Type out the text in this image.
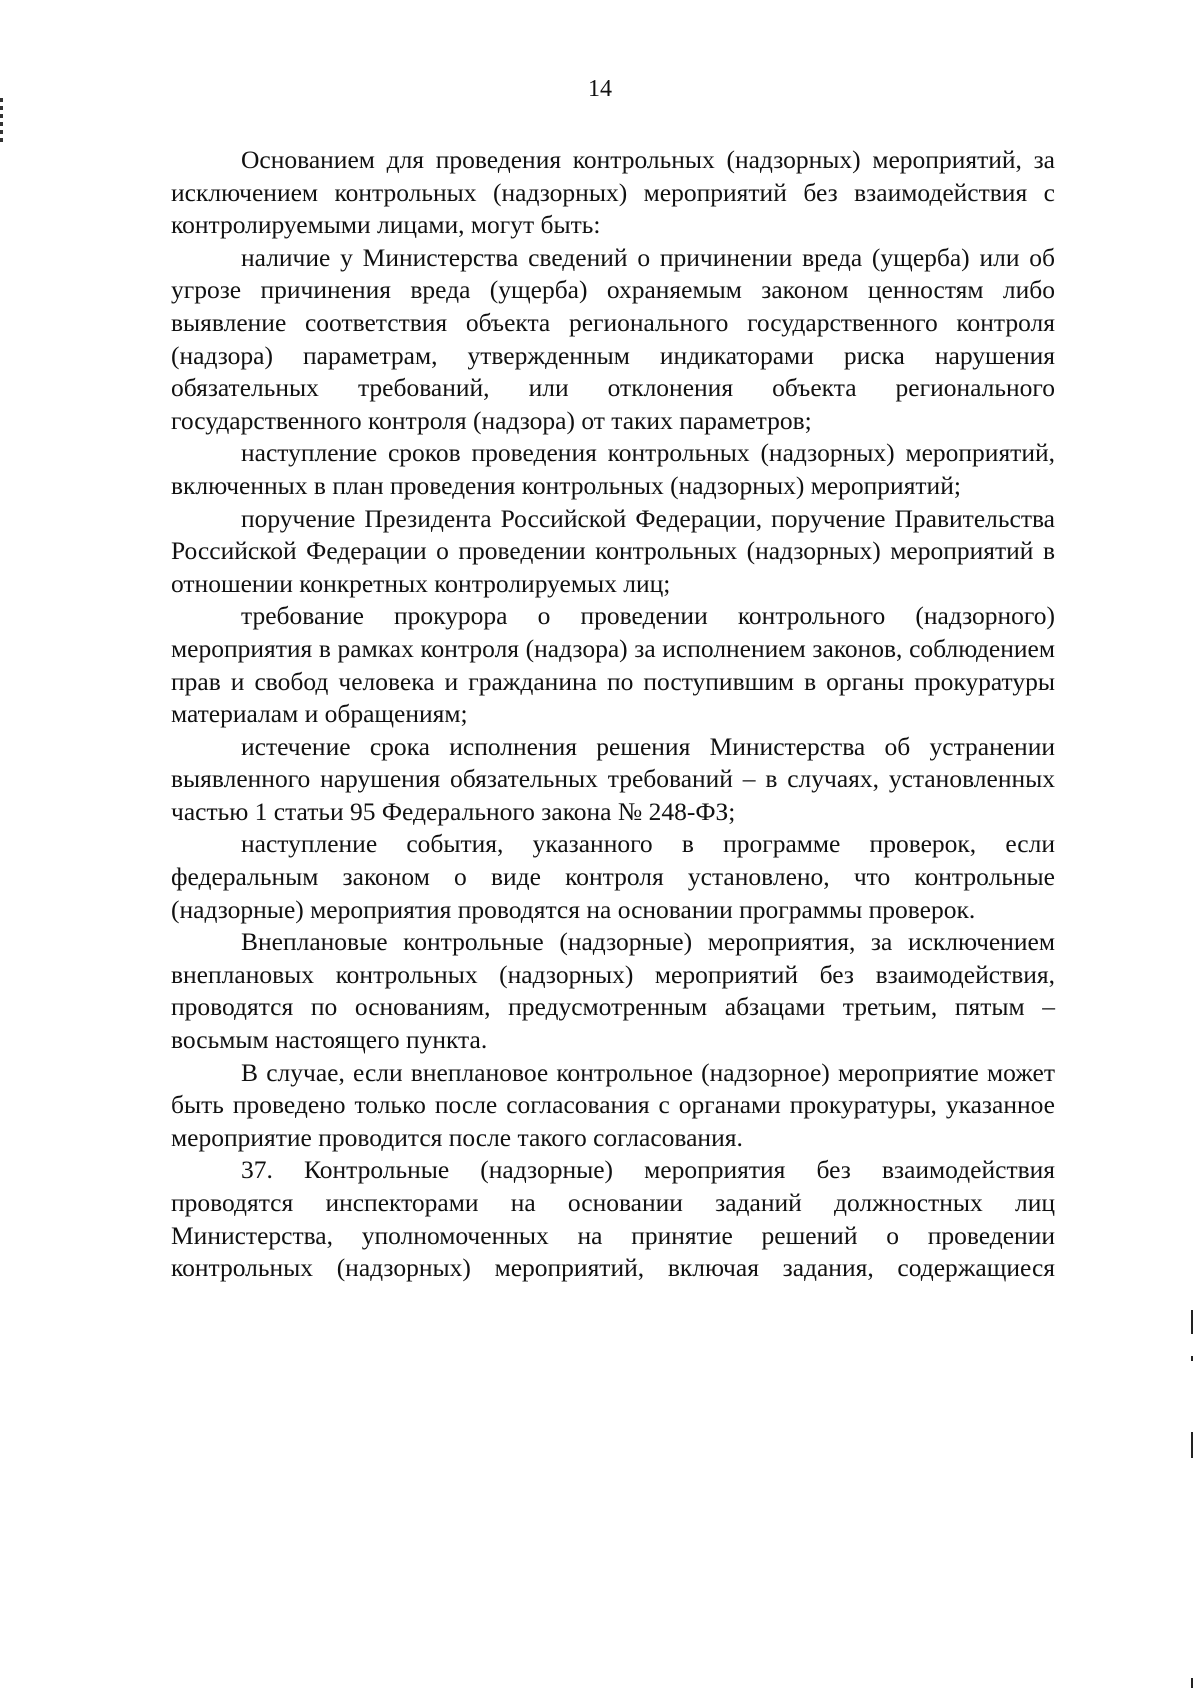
14

Основанием для проведения контрольных (надзорных) мероприятий, за исключением контрольных (надзорных) мероприятий без взаимодействия с контролируемыми лицами, могут быть:

наличие у Министерства сведений о причинении вреда (ущерба) или об угрозе причинения вреда (ущерба) охраняемым законом ценностям либо выявление соответствия объекта регионального государственного контроля (надзора) параметрам, утвержденным индикаторами риска нарушения обязательных требований, или отклонения объекта регионального государственного контроля (надзора) от таких параметров;

наступление сроков проведения контрольных (надзорных) мероприятий, включенных в план проведения контрольных (надзорных) мероприятий;

поручение Президента Российской Федерации, поручение Правительства Российской Федерации о проведении контрольных (надзорных) мероприятий в отношении конкретных контролируемых лиц;

требование прокурора о проведении контрольного (надзорного) мероприятия в рамках контроля (надзора) за исполнением законов, соблюдением прав и свобод человека и гражданина по поступившим в органы прокуратуры материалам и обращениям;

истечение срока исполнения решения Министерства об устранении выявленного нарушения обязательных требований – в случаях, установленных частью 1 статьи 95 Федерального закона № 248-ФЗ;

наступление события, указанного в программе проверок, если федеральным законом о виде контроля установлено, что контрольные (надзорные) мероприятия проводятся на основании программы проверок.

Внеплановые контрольные (надзорные) мероприятия, за исключением внеплановых контрольных (надзорных) мероприятий без взаимодействия, проводятся по основаниям, предусмотренным абзацами третьим, пятым – восьмым настоящего пункта.

В случае, если внеплановое контрольное (надзорное) мероприятие может быть проведено только после согласования с органами прокуратуры, указанное мероприятие проводится после такого согласования.

37. Контрольные (надзорные) мероприятия без взаимодействия проводятся инспекторами на основании заданий должностных лиц Министерства, уполномоченных на принятие решений о проведении контрольных (надзорных) мероприятий, включая задания, содержащиеся
